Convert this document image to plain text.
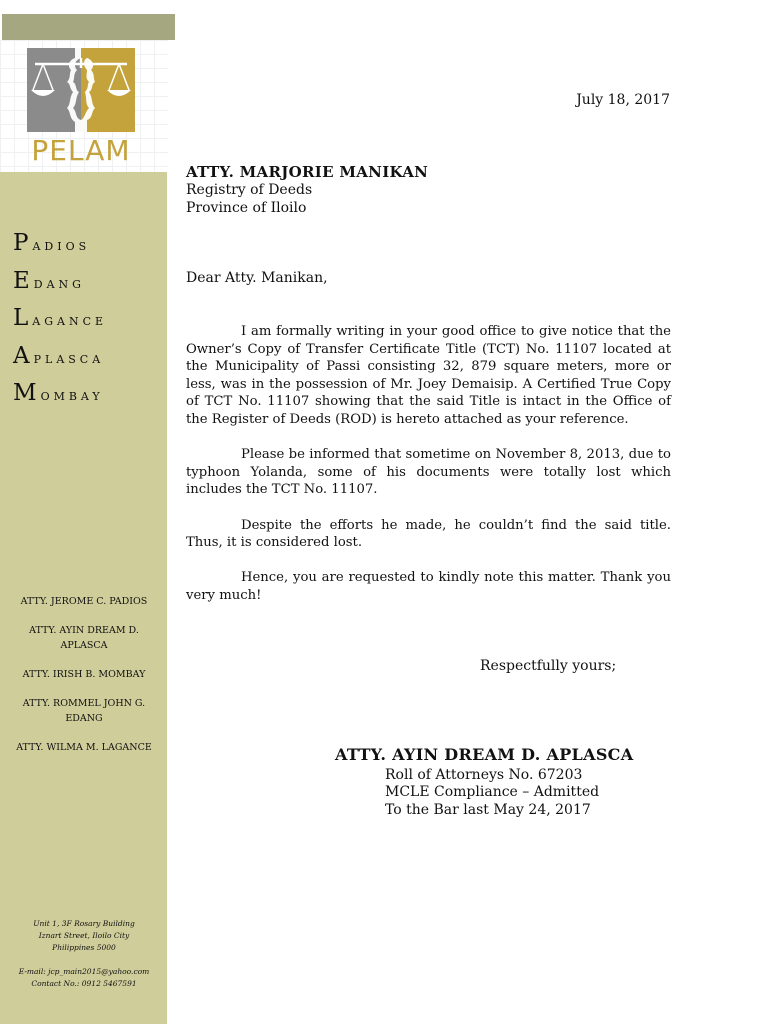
PELAM
Padios
Edang
Lagance
Aplasca
Mombay
ATTY. JEROME C. PADIOS
ATTY. AYIN DREAM D. APLASCA
ATTY. IRISH B. MOMBAY
ATTY. ROMMEL JOHN G. EDANG
ATTY. WILMA M. LAGANCE
Unit 1, 3F Rosary Building
Iznart Street, Iloilo City
Philippines 5000
E-mail: jcp_main2015@yahoo.com
Contact No.: 0912 5467591
July 18, 2017
ATTY. MARJORIE MANIKAN
Registry of Deeds
Province of Iloilo
Dear Atty. Manikan,

I am formally writing in your good office to give notice that the Owner’s Copy of Transfer Certificate Title (TCT) No. 11107 located at the Municipality of Passi consisting 32, 879 square meters, more or less, was in the possession of Mr. Joey Demaisip. A Certified True Copy of TCT No. 11107 showing that the said Title is intact in the Office of the Register of Deeds (ROD) is hereto attached as your reference.

Please be informed that sometime on November 8, 2013, due to typhoon Yolanda, some of his documents were totally lost which includes the TCT No. 11107.

Despite the efforts he made, he couldn’t find the said title. Thus, it is considered lost.

Hence, you are requested to kindly note this matter. Thank you very much!

Respectfully yours;
ATTY. AYIN DREAM D. APLASCA
Roll of Attorneys No. 67203
MCLE Compliance – Admitted
To the Bar last May 24, 2017
